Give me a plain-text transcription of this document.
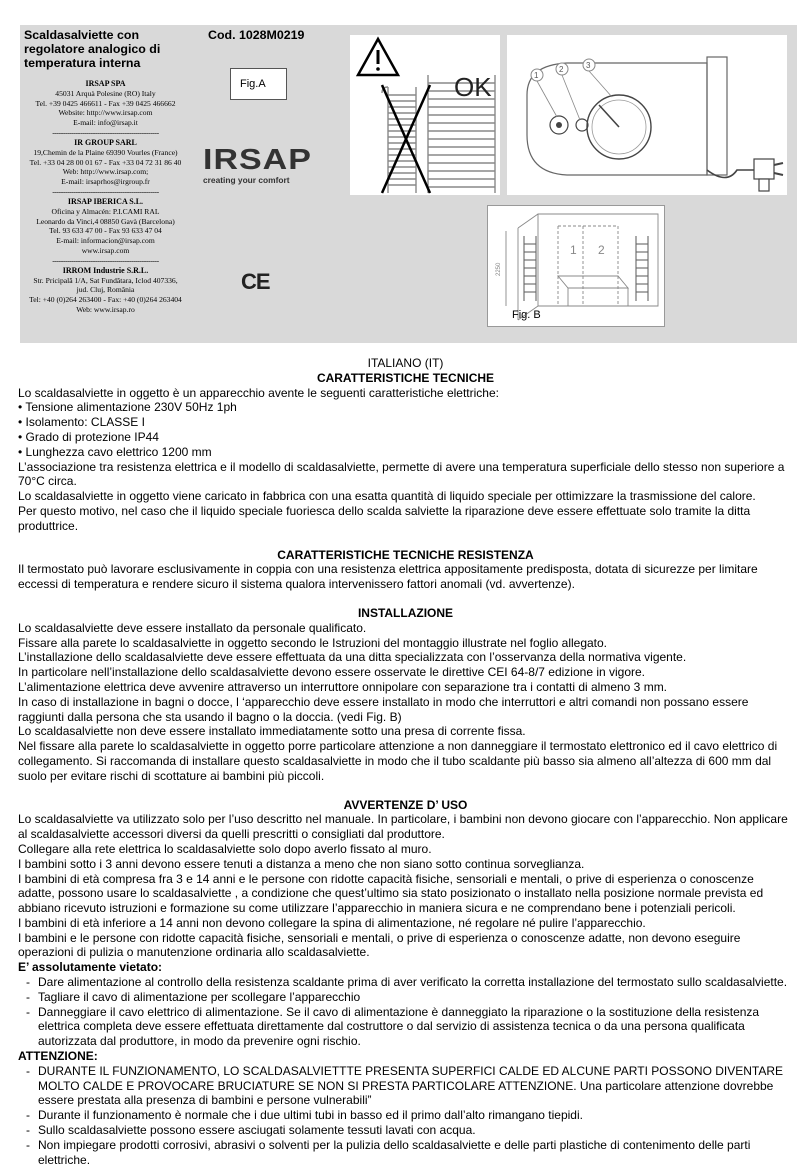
Scaldasalviette con regolatore analogico di temperatura interna
Cod. 1028M0219
IRSAP SPA
45031 Arquà Polesine (RO) Italy
Tel. +39 0425 466611 - Fax +39 0425 466662
Website: http://www.irsap.com
E-mail: info@irsap.it
--------------------------------------------------
IR GROUP SARL
19,Chemin de la Plaine 69390 Vourles (France)
Tel. +33 04 28 00 01 67 - Fax +33 04 72 31 86 40
Web: http://www.irsap.com;
E-mail: irsaprhos@irgroup.fr
--------------------------------------------------
IRSAP IBERICA S.L.
Oficina y Almacén: P.I.CAMI RAL
Leonardo da Vinci,4 08850 Gavà (Barcelona)
Tel. 93 633 47 00 - Fax 93 633 47 04
E-mail: informacion@irsap.com
www.irsap.com
--------------------------------------------------
IRROM Industrie S.R.L.
Str. Pricipală 1/A, Sat Fundătara, Iclod 407336,
jud. Cluj, România
Tel: +40 (0)264 263400 - Fax: +40 (0)264 263404
Web: www.irsap.ro
IRSAP
creating your comfort
CE
OK	1
2	3
Fig.A
1 2
2250
Fig. B

ITALIANO (IT)

CARATTERISTICHE TECNICHE

Lo scaldasalviette in oggetto è un apparecchio avente le seguenti caratteristiche elettriche:

• Tensione alimentazione 230V 50Hz 1ph

• Isolamento: CLASSE I

• Grado di protezione IP44

• Lunghezza cavo elettrico 1200 mm

L’associazione tra resistenza elettrica e il modello di scaldasalviette, permette di avere una temperatura superficiale dello stesso non superiore a 70°C circa.

Lo scaldasalviette in oggetto viene caricato in fabbrica con una esatta quantità di liquido speciale per ottimizzare la trasmissione del calore.

Per questo motivo, nel caso che il liquido speciale fuoriesca dello scalda salviette la riparazione deve essere effettuate solo tramite la ditta produttrice.

CARATTERISTICHE TECNICHE RESISTENZA

Il termostato può lavorare esclusivamente in coppia con una resistenza elettrica appositamente predisposta, dotata di sicurezze per limitare eccessi di temperatura e rendere sicuro il sistema qualora intervenissero fattori anomali (vd. avvertenze).

INSTALLAZIONE

Lo scaldasalviette deve essere installato da personale qualificato.

Fissare alla parete lo scaldasalviette in oggetto secondo le Istruzioni del montaggio illustrate nel foglio allegato.

L’installazione dello scaldasalviette deve essere effettuata da una ditta specializzata con l’osservanza della normativa vigente.

In particolare nell’installazione dello scaldasalviette devono essere osservate le direttive CEI 64-8/7 edizione in vigore.

L’alimentazione elettrica deve avvenire attraverso un interruttore onnipolare con separazione tra i contatti di almeno 3 mm.

In caso di installazione in bagni o docce, l ‘apparecchio deve essere installato in modo che interruttori e altri comandi non possano essere raggiunti dalla persona che sta usando il bagno o la doccia. (vedi Fig. B)

Lo scaldasalviette non deve essere installato immediatamente sotto una presa di corrente fissa.

Nel fissare alla parete lo scaldasalviette in oggetto porre particolare attenzione a non danneggiare il termostato elettronico ed il cavo elettrico di collegamento. Si raccomanda di installare questo scaldasalviette in modo che il tubo scaldante più basso sia almeno all’altezza di 600 mm dal suolo per evitare rischi di scottature ai bambini più piccoli.

AVVERTENZE D’ USO

Lo scaldasalviette va utilizzato solo per l’uso descritto nel manuale. In particolare, i bambini non devono giocare con l’apparecchio. Non applicare al scaldasalviette accessori diversi da quelli prescritti o consigliati dal produttore.

Collegare alla rete elettrica lo scaldasalviette solo dopo averlo fissato al muro.

I bambini sotto i 3 anni devono essere tenuti a distanza a meno che non siano sotto continua sorveglianza.

I bambini di età compresa fra 3 e 14 anni e le persone con ridotte capacità fisiche, sensoriali e mentali, o prive di esperienza o conoscenze adatte, possono usare lo scaldasalviette , a condizione che quest’ultimo sia stato posizionato o installato nella posizione normale prevista ed abbiano ricevuto istruzioni e formazione su come utilizzare l’apparecchio in maniera sicura e ne comprendano bene i potenziali pericoli.

I bambini di età inferiore a 14 anni non devono collegare la spina di alimentazione, né regolare né pulire l’apparecchio.

I bambini e le persone con ridotte capacità fisiche, sensoriali e mentali, o prive di esperienza o conoscenze adatte, non devono eseguire operazioni di pulizia o manutenzione ordinaria allo scaldasalviette.

E’ assolutamente vietato:

- Dare alimentazione al controllo della resistenza scaldante prima di aver verificato la corretta installazione del termostato sullo scaldasalviette.
- Tagliare il cavo di alimentazione per scollegare l’apparecchio
- Danneggiare il cavo elettrico di alimentazione. Se il cavo di alimentazione è danneggiato la riparazione o la sostituzione della resistenza elettrica completa deve essere effettuata direttamente dal costruttore o dal servizio di assistenza tecnica o da una persona qualificata autorizzata dal produttore, in modo da prevenire ogni rischio.

ATTENZIONE:

- DURANTE IL FUNZIONAMENTO, LO SCALDASALVIETTTE PRESENTA SUPERFICI CALDE ED ALCUNE PARTI POSSONO DIVENTARE MOLTO CALDE E PROVOCARE BRUCIATURE SE NON SI PRESTA PARTICOLARE ATTENZIONE. Una particolare attenzione dovrebbe essere prestata alla presenza di bambini e persone vulnerabili”
- Durante il funzionamento è normale che i due ultimi tubi in basso ed il primo dall’alto rimangano tiepidi.
- Sullo scaldasalviette possono essere asciugati solamente tessuti lavati con acqua.
- Non impiegare prodotti corrosivi, abrasivi o solventi per la pulizia dello scaldasalviette e delle parti plastiche di contenimento delle parti elettriche.
